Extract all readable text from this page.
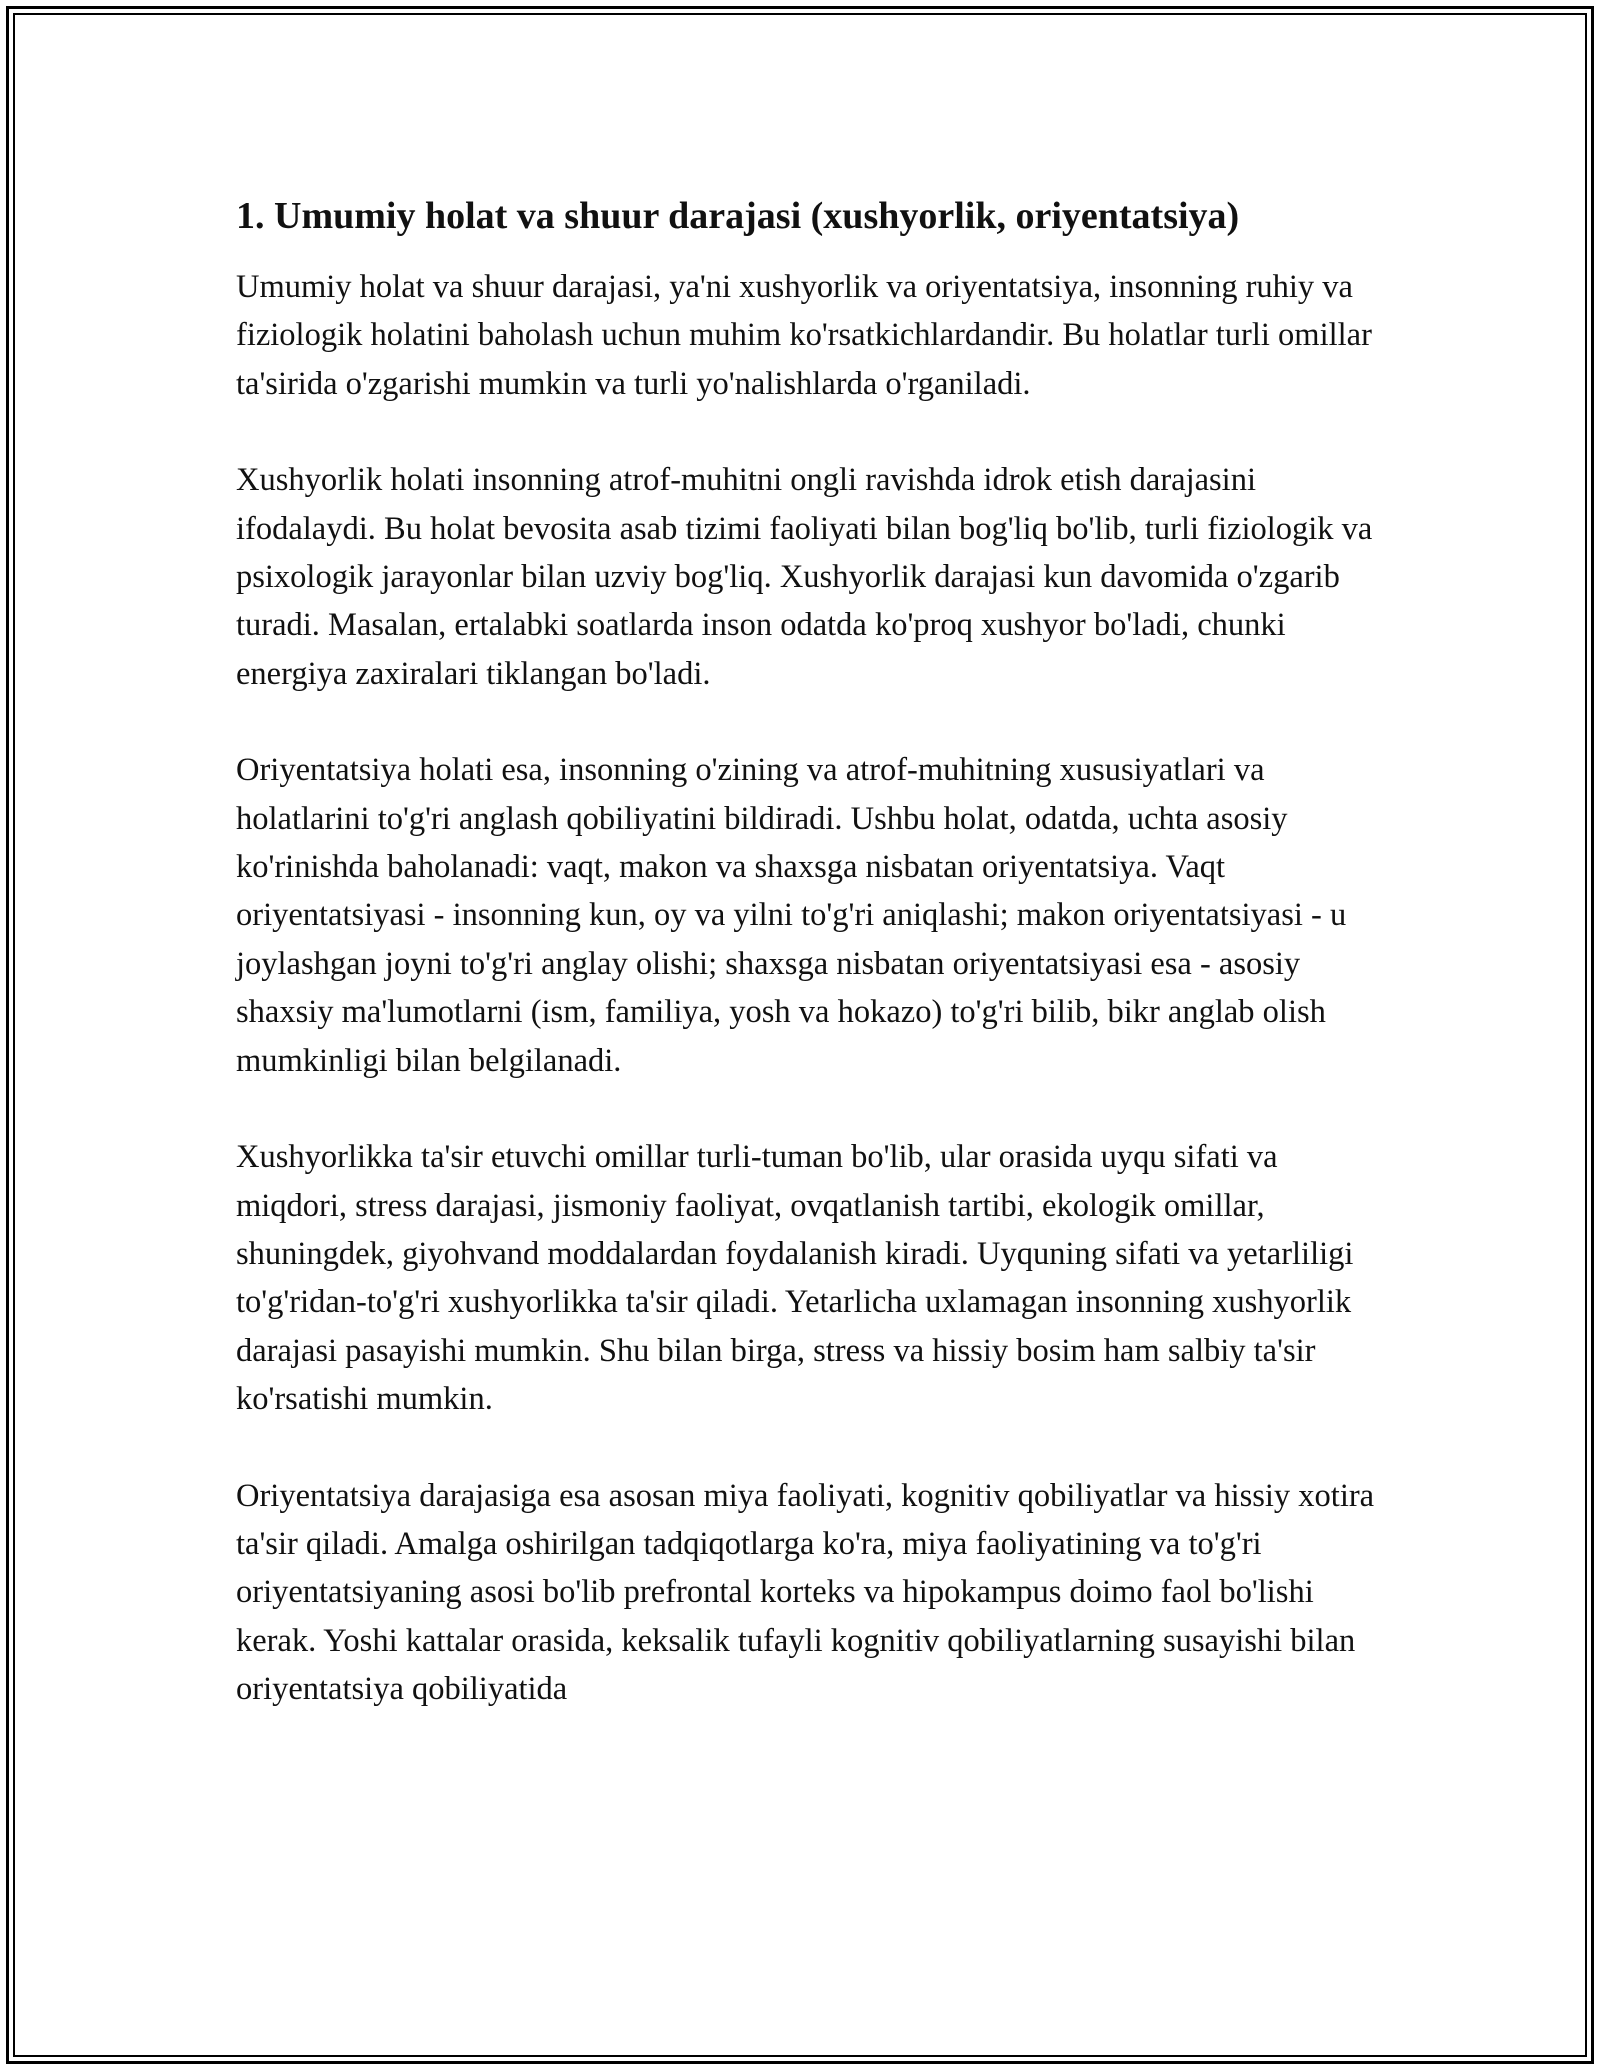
1. Umumiy holat va shuur darajasi (xushyorlik, oriyentatsiya)

Umumiy holat va shuur darajasi, ya'ni xushyorlik va oriyentatsiya, insonning ruhiy va fiziologik holatini baholash uchun muhim ko'rsatkichlardandir. Bu holatlar turli omillar ta'sirida o'zgarishi mumkin va turli yo'nalishlarda o'rganiladi.

Xushyorlik holati insonning atrof-muhitni ongli ravishda idrok etish darajasini ifodalaydi. Bu holat bevosita asab tizimi faoliyati bilan bog'liq bo'lib, turli fiziologik va psixologik jarayonlar bilan uzviy bog'liq. Xushyorlik darajasi kun davomida o'zgarib turadi. Masalan, ertalabki soatlarda inson odatda ko'proq xushyor bo'ladi, chunki energiya zaxiralari tiklangan bo'ladi.

Oriyentatsiya holati esa, insonning o'zining va atrof-muhitning xususiyatlari va holatlarini to'g'ri anglash qobiliyatini bildiradi. Ushbu holat, odatda, uchta asosiy ko'rinishda baholanadi: vaqt, makon va shaxsga nisbatan oriyentatsiya. Vaqt oriyentatsiyasi - insonning kun, oy va yilni to'g'ri aniqlashi; makon oriyentatsiyasi - u joylashgan joyni to'g'ri anglay olishi; shaxsga nisbatan oriyentatsiyasi esa - asosiy shaxsiy ma'lumotlarni (ism, familiya, yosh va hokazo) to'g'ri bilib, bikr anglab olish mumkinligi bilan belgilanadi.

Xushyorlikka ta'sir etuvchi omillar turli-tuman bo'lib, ular orasida uyqu sifati va miqdori, stress darajasi, jismoniy faoliyat, ovqatlanish tartibi, ekologik omillar, shuningdek, giyohvand moddalardan foydalanish kiradi. Uyquning sifati va yetarliligi to'g'ridan-to'g'ri xushyorlikka ta'sir qiladi. Yetarlicha uxlamagan insonning xushyorlik darajasi pasayishi mumkin. Shu bilan birga, stress va hissiy bosim ham salbiy ta'sir ko'rsatishi mumkin.

Oriyentatsiya darajasiga esa asosan miya faoliyati, kognitiv qobiliyatlar va hissiy xotira ta'sir qiladi. Amalga oshirilgan tadqiqotlarga ko'ra, miya faoliyatining va to'g'ri oriyentatsiyaning asosi bo'lib prefrontal korteks va hipokampus doimo faol bo'lishi kerak. Yoshi kattalar orasida, keksalik tufayli kognitiv qobiliyatlarning susayishi bilan oriyentatsiya qobiliyatida
